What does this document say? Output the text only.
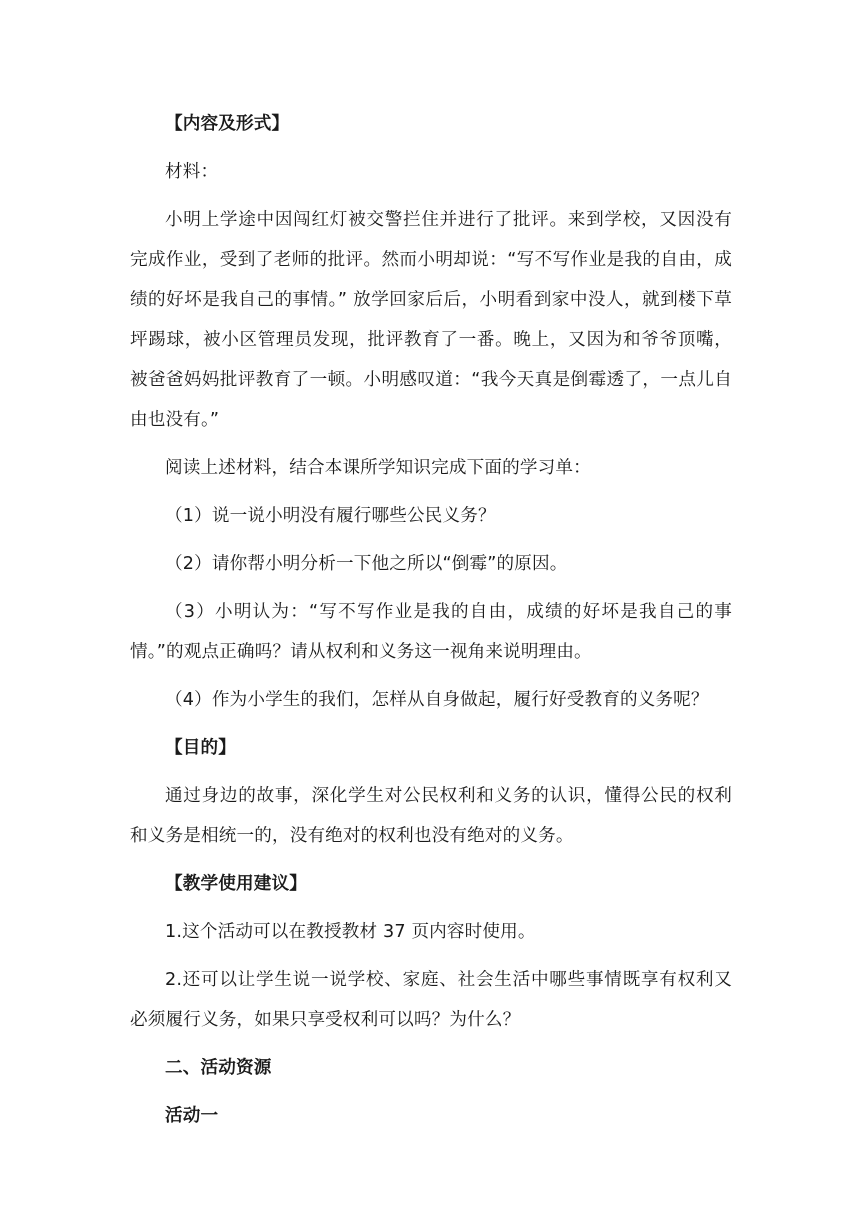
【内容及形式】

材料：

小明上学途中因闯红灯被交警拦住并进行了批评。来到学校，又因没有完成作业，受到了老师的批评。然而小明却说：“写不写作业是我的自由，成绩的好坏是我自己的事情。” 放学回家后后，小明看到家中没人，就到楼下草坪踢球，被小区管理员发现，批评教育了一番。晚上，又因为和爷爷顶嘴，被爸爸妈妈批评教育了一顿。小明感叹道：“我今天真是倒霉透了，一点儿自由也没有。”

阅读上述材料，结合本课所学知识完成下面的学习单：

（1）说一说小明没有履行哪些公民义务？

（2）请你帮小明分析一下他之所以“倒霉”的原因。

（3）小明认为：“写不写作业是我的自由，成绩的好坏是我自己的事情。”的观点正确吗？请从权利和义务这一视角来说明理由。

（4）作为小学生的我们，怎样从自身做起，履行好受教育的义务呢？

【目的】

通过身边的故事，深化学生对公民权利和义务的认识，懂得公民的权利和义务是相统一的，没有绝对的权利也没有绝对的义务。

【教学使用建议】

1.这个活动可以在教授教材 37 页内容时使用。

2.还可以让学生说一说学校、家庭、社会生活中哪些事情既享有权利又必须履行义务，如果只享受权利可以吗？为什么？

二、活动资源

活动一
